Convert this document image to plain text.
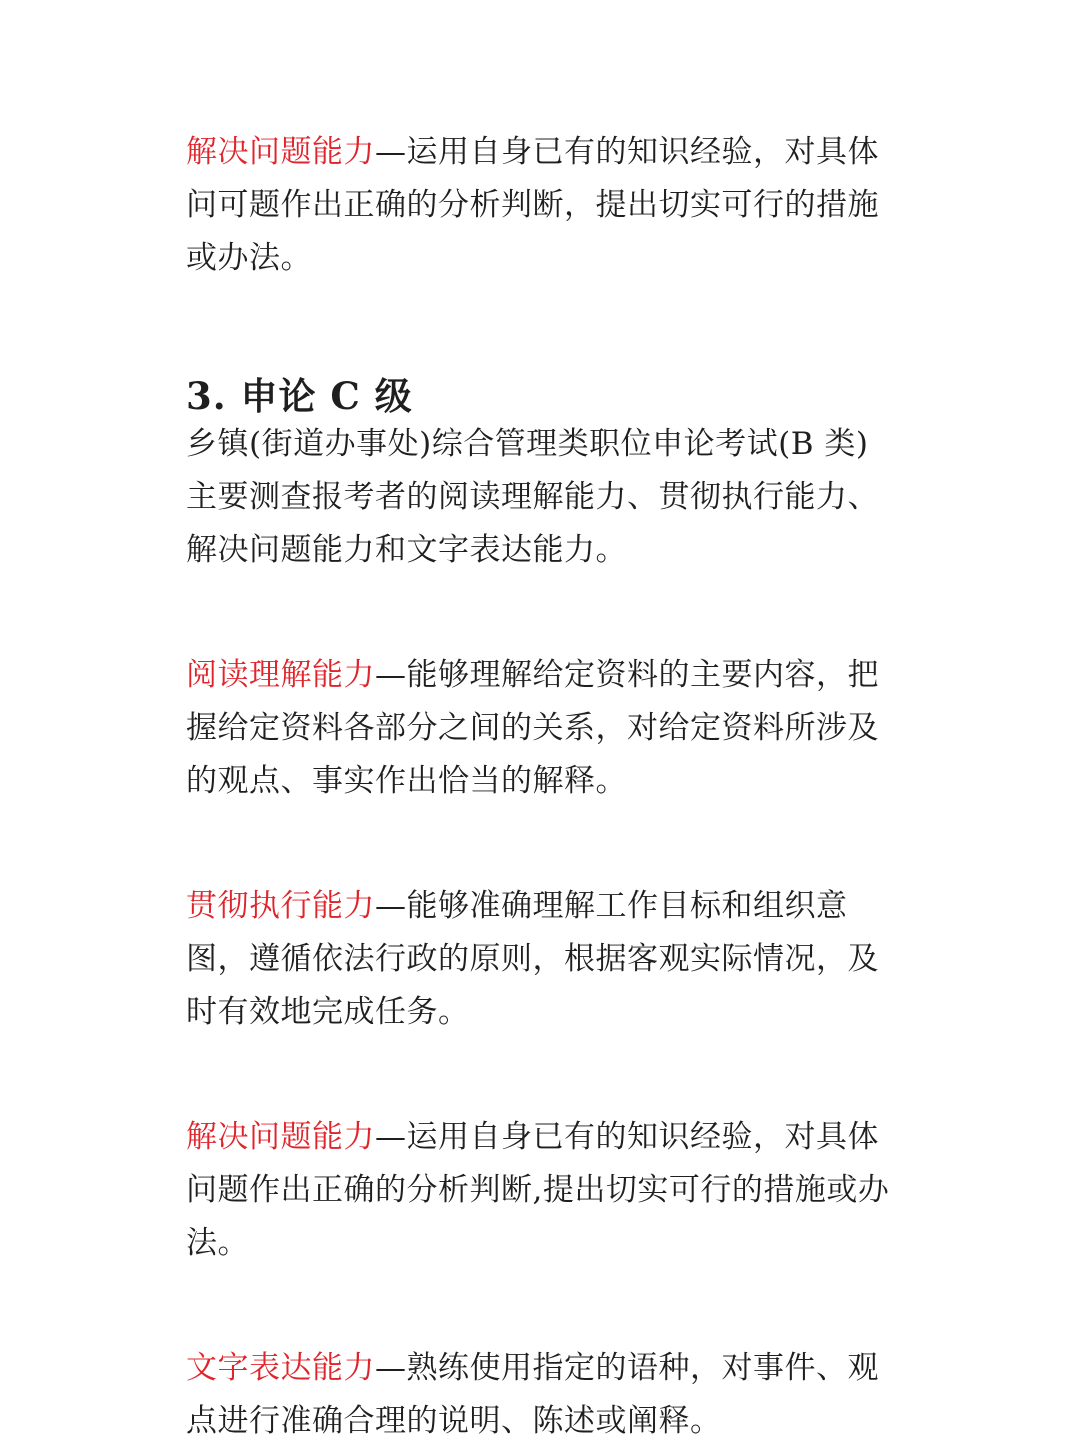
解决问题能力—运用自身已有的知识经验，对具体问可题作出正确的分析判断，提出切实可行的措施或办法。

3. 申论 C 级

乡镇(街道办事处)综合管理类职位申论考试(B 类)主要测查报考者的阅读理解能力、贯彻执行能力、解决问题能力和文字表达能力。

阅读理解能力—能够理解给定资料的主要内容，把握给定资料各部分之间的关系，对给定资料所涉及的观点、事实作出恰当的解释。

贯彻执行能力—能够准确理解工作目标和组织意图，遵循依法行政的原则，根据客观实际情况，及时有效地完成任务。

解决问题能力—运用自身已有的知识经验，对具体问题作出正确的分析判断,提出切实可行的措施或办法。

文字表达能力—熟练使用指定的语种，对事件、观点进行准确合理的说明、陈述或阐释。
